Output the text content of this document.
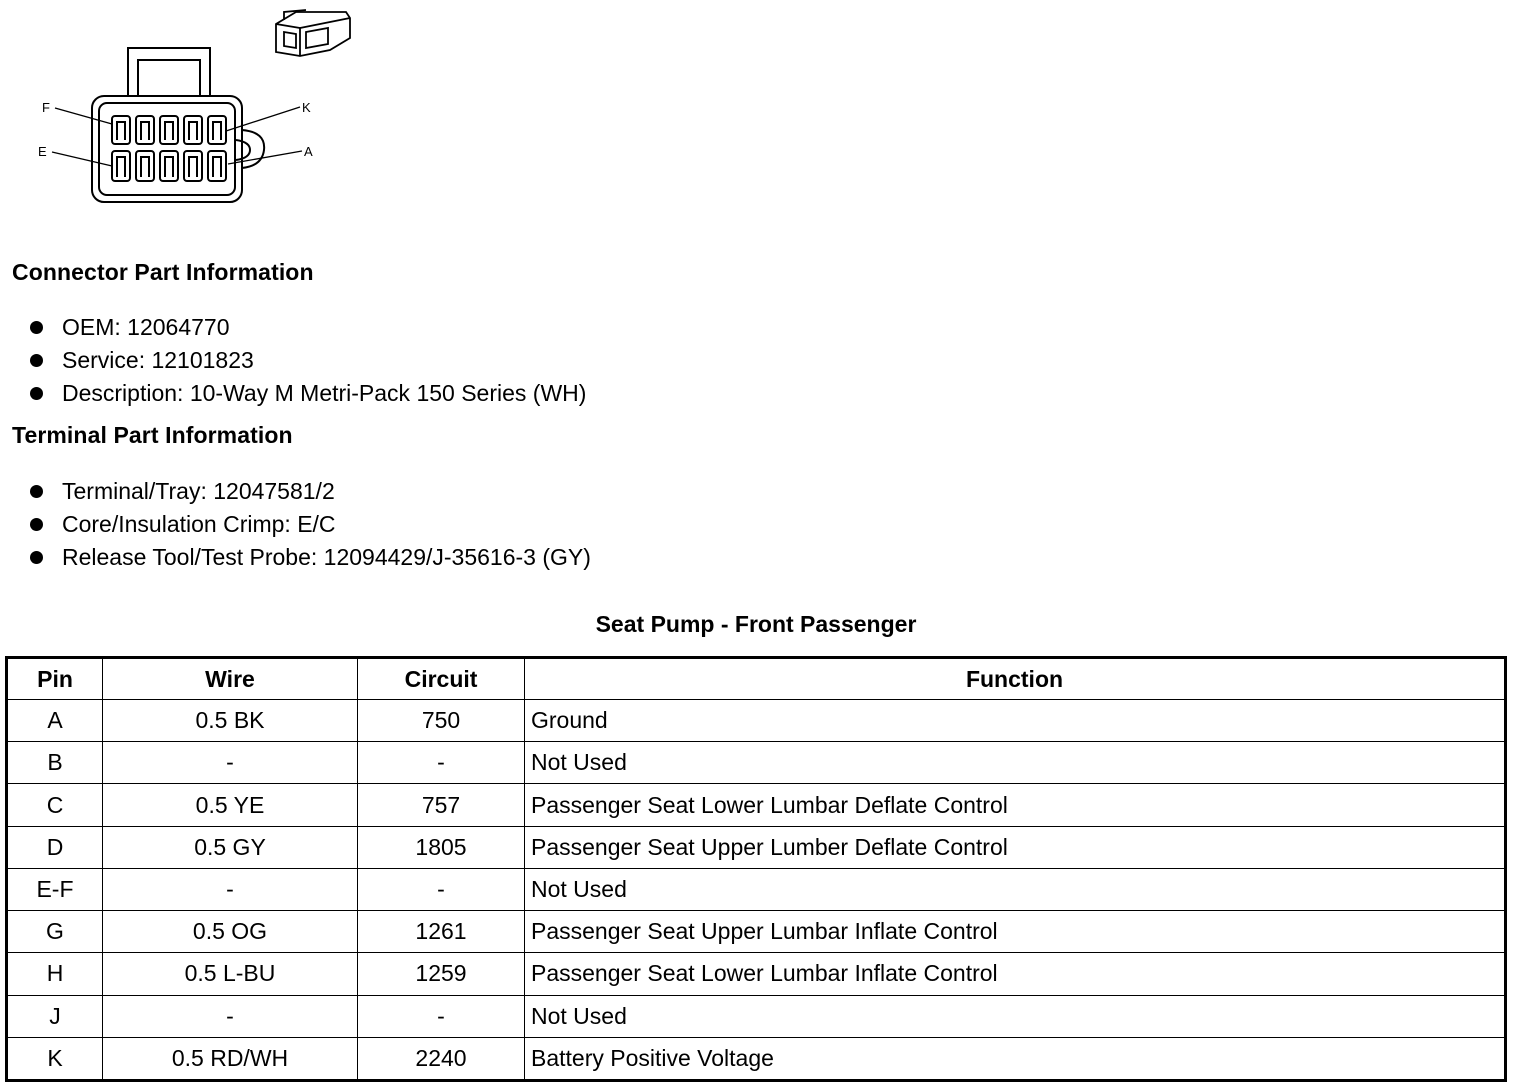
F	K
E	A
Connector Part Information
OEM: 12064770
Service: 12101823
Description: 10-Way M Metri-Pack 150 Series (WH)
Terminal Part Information
Terminal/Tray: 12047581/2
Core/Insulation Crimp: E/C
Release Tool/Test Probe: 12094429/J-35616-3 (GY)
Seat Pump - Front Passenger
Pin	Wire	Circuit	Function
A	0.5 BK	750	Ground
B	-	-	Not Used
C	0.5 YE	757	Passenger Seat Lower Lumbar Deflate Control
D	0.5 GY	1805	Passenger Seat Upper Lumber Deflate Control
E-F	-	-	Not Used
G	0.5 OG	1261	Passenger Seat Upper Lumbar Inflate Control
H	0.5 L-BU	1259	Passenger Seat Lower Lumbar Inflate Control
J	-	-	Not Used
K	0.5 RD/WH	2240	Battery Positive Voltage
